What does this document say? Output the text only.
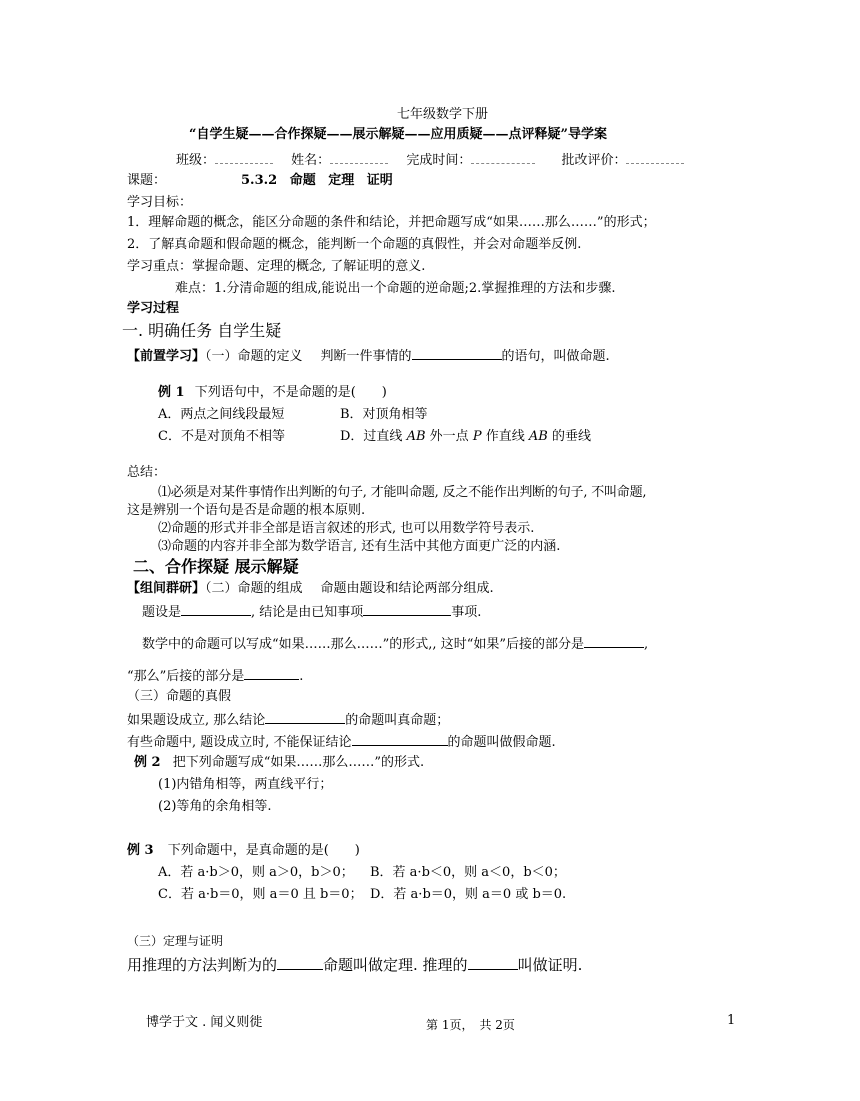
七年级数学下册
“自学生疑——合作探疑——展示解疑——应用质疑——点评释疑”导学案
班级：	姓名：	完成时间：	批改评价：
课题：	5.3.2 命题 定理 证明
学习目标：
1．理解命题的概念，能区分命题的条件和结论，并把命题写成“如果……那么……”的形式；
2．了解真命题和假命题的概念，能判断一个命题的真假性，并会对命题举反例.
学习重点：掌握命题、定理的概念, 了解证明的意义.
难点：1.分清命题的组成,能说出一个命题的逆命题;2.掌握推理的方法和步骤.
学习过程
一. 明确任务 自学生疑
【前置学习】（一）命题的定义 判断一件事情的	的语句，叫做命题.
例 1 下列语句中，不是命题的是(　　)
A．两点之间线段最短	B．对顶角相等
C．不是对顶角不相等	D．过直线 AB 外一点 P 作直线 AB 的垂线
总结：
⑴必须是对某件事情作出判断的句子, 才能叫命题, 反之不能作出判断的句子, 不叫命题,
这是辨别一个语句是否是命题的根本原则.
⑵命题的形式并非全部是语言叙述的形式, 也可以用数学符号表示.
⑶命题的内容并非全部为数学语言, 还有生活中其他方面更广泛的内涵.
二、合作探疑 展示解疑
【组间群研】（二）命题的组成 命题由题设和结论两部分组成.
题设是	, 结论是由已知事项	事项.
数学中的命题可以写成“如果……那么……”的形式,, 这时“如果”后接的部分是	,
“那么”后接的部分是	.
（三）命题的真假
如果题设成立, 那么结论	的命题叫真命题；
有些命题中, 题设成立时, 不能保证结论	的命题叫做假命题.
例 2 把下列命题写成“如果……那么……”的形式.
(1)内错角相等，两直线平行；
(2)等角的余角相等.
例 3 下列命题中，是真命题的是(　　)
A．若 a·b＞0，则 a＞0，b＞0； B．若 a·b＜0，则 a＜0，b＜0；
C．若 a·b＝0，则 a＝0 且 b＝0； D．若 a·b＝0，则 a＝0 或 b＝0.
（三）定理与证明
用推理的方法判断为的	命题叫做定理. 推理的	叫做证明.
博学于文 . 闻义则徙	第 1页，　共 2页	1
